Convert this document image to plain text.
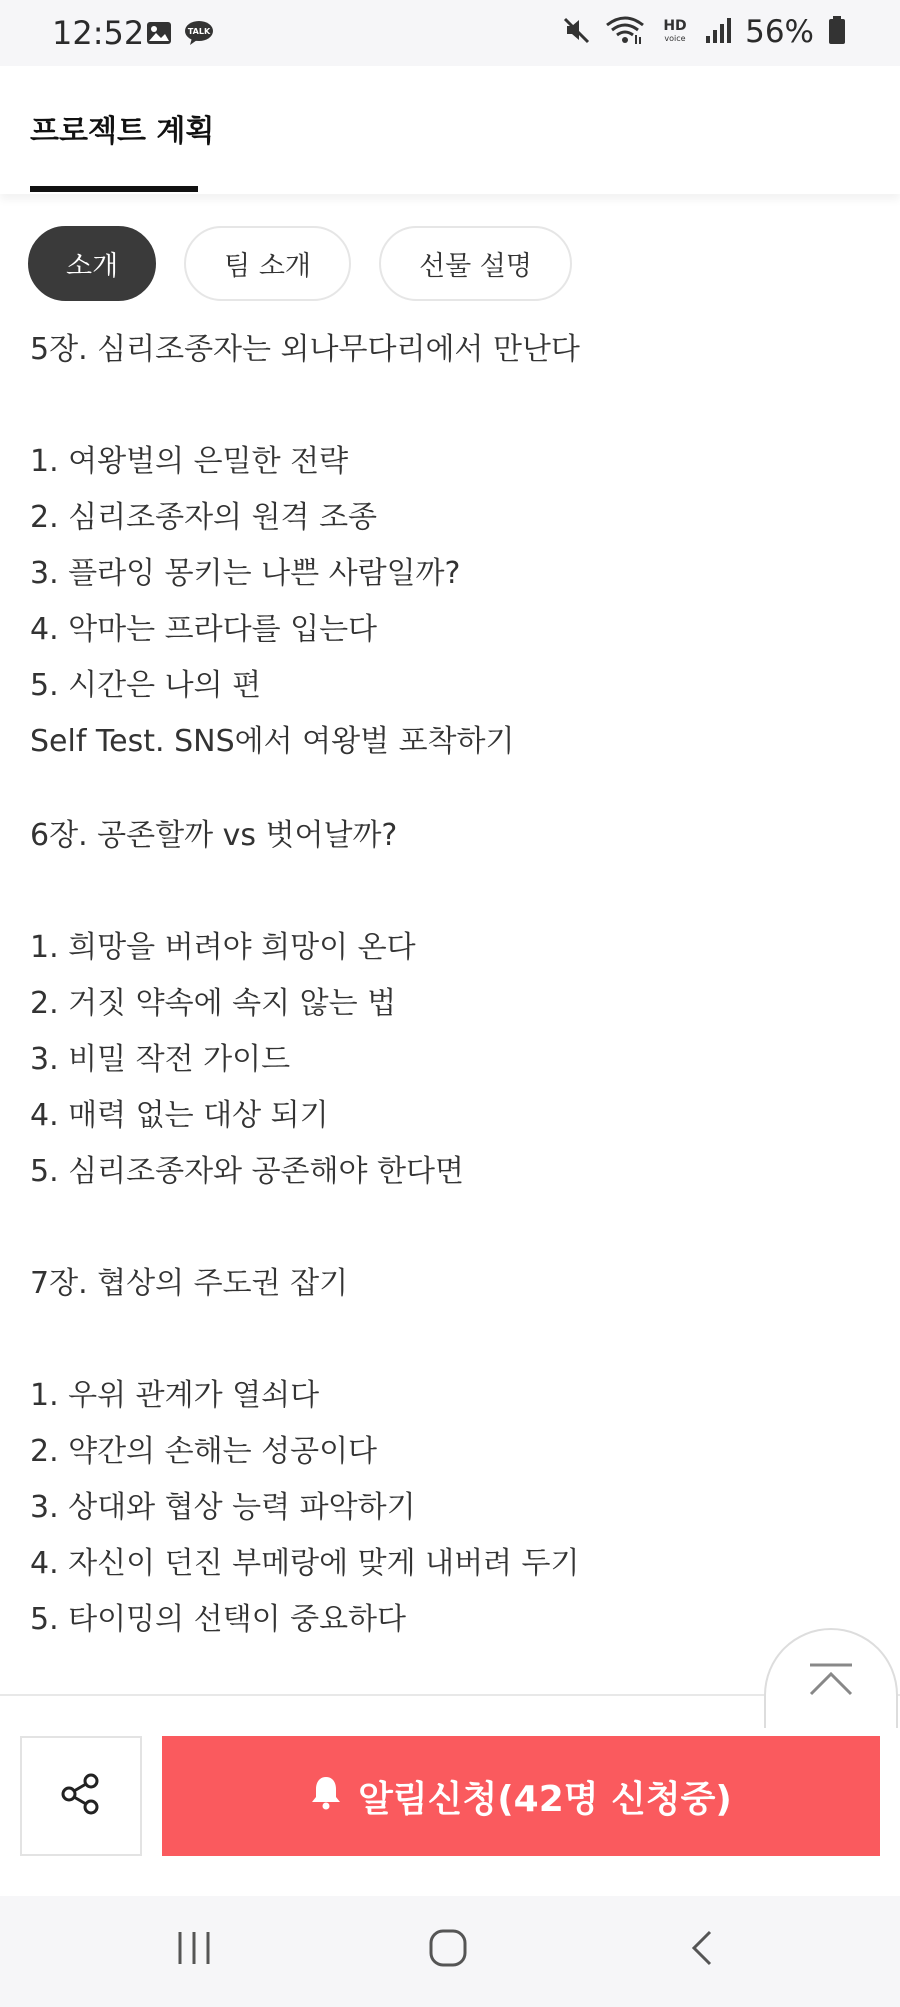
12:52	TALK	HD
voice 56%
프로젝트 계획
소개	팀 소개	선물 설명
5장. 심리조종자는 외나무다리에서 만난다
1. 여왕벌의 은밀한 전략
2. 심리조종자의 원격 조종
3. 플라잉 몽키는 나쁜 사람일까?
4. 악마는 프라다를 입는다
5. 시간은 나의 편
Self Test. SNS에서 여왕벌 포착하기
6장. 공존할까 vs 벗어날까?
1. 희망을 버려야 희망이 온다
2. 거짓 약속에 속지 않는 법
3. 비밀 작전 가이드
4. 매력 없는 대상 되기
5. 심리조종자와 공존해야 한다면
7장. 협상의 주도권 잡기
1. 우위 관계가 열쇠다
2. 약간의 손해는 성공이다
3. 상대와 협상 능력 파악하기
4. 자신이 던진 부메랑에 맞게 내버려 두기
5. 타이밍의 선택이 중요하다
알림신청(42명 신청중)
